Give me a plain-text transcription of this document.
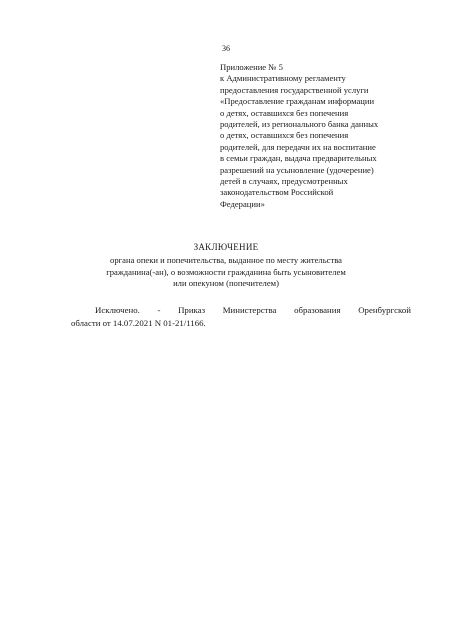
36
Приложение № 5
к Административному регламенту
предоставления государственной услуги
«Предоставление гражданам информации
о детях, оставшихся без попечения
родителей, из регионального банка данных
о детях, оставшихся без попечения
родителей, для передачи их на воспитание
в семьи граждан, выдача предварительных
разрешений на усыновление (удочерение)
детей в случаях, предусмотренных
законодательством Российской
Федерации»
ЗАКЛЮЧЕНИЕ
органа опеки и попечительства, выданное по месту жительства
гражданина(-ан), о возможности гражданина быть усыновителем
или опекуном (попечителем)
Исключено. - Приказ Министерства образования Оренбургской
области от 14.07.2021 N 01-21/1166.
